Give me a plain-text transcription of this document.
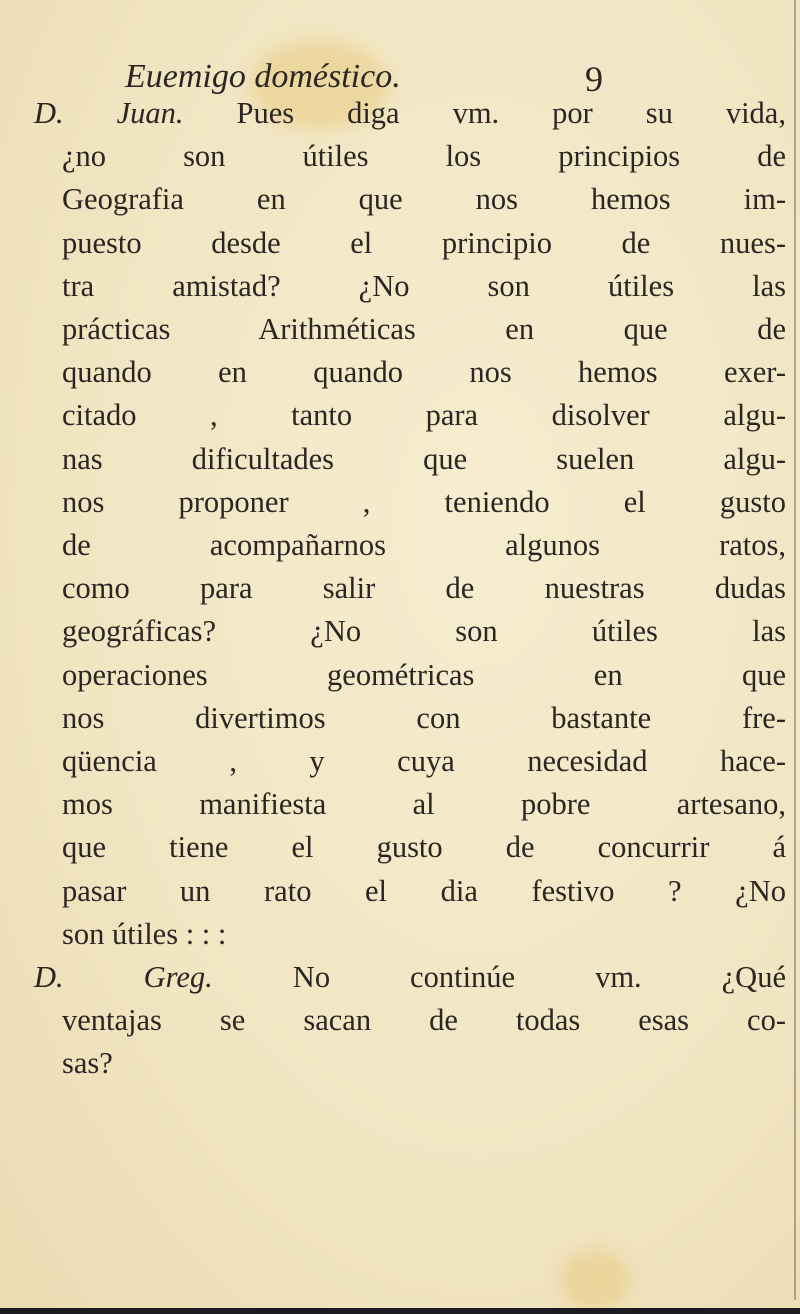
Euemigo doméstico.	9
D. Juan. Pues diga vm. por su vida,
¿no son útiles los principios de
Geografia en que nos hemos im-
puesto desde el principio de nues-
tra amistad? ¿No son útiles las
prácticas Arithméticas en que de
quando en quando nos hemos exer-
citado , tanto para disolver algu-
nas dificultades que suelen algu-
nos proponer , teniendo el gusto
de acompañarnos algunos ratos,
como para salir de nuestras dudas
geográficas? ¿No son útiles las
operaciones geométricas en que
nos divertimos con bastante fre-
qüencia , y cuya necesidad hace-
mos manifiesta al pobre artesano,
que tiene el gusto de concurrir á
pasar un rato el dia festivo ? ¿No
son útiles : : :
D. Greg.	No continúe vm. ¿Qué
ventajas se sacan de todas esas co-
sas?
